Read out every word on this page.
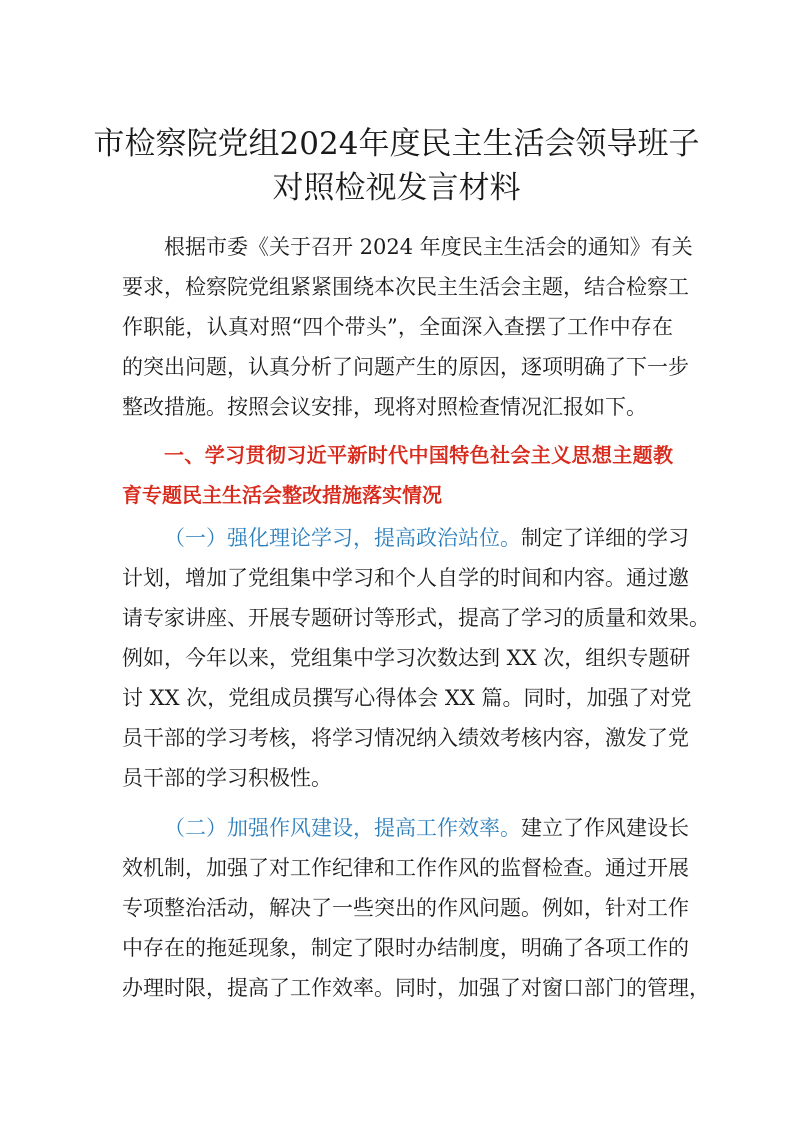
市检察院党组2024年度民主生活会领导班子
对照检视发言材料
根据市委《关于召开 2024 年度民主生活会的通知》有关
要求，检察院党组紧紧围绕本次民主生活会主题，结合检察工
作职能，认真对照“四个带头”，全面深入查摆了工作中存在
的突出问题，认真分析了问题产生的原因，逐项明确了下一步
整改措施。按照会议安排，现将对照检查情况汇报如下。
一、学习贯彻习近平新时代中国特色社会主义思想主题教
育专题民主生活会整改措施落实情况
（一）强化理论学习，提高政治站位。制定了详细的学习
计划，增加了党组集中学习和个人自学的时间和内容。通过邀
请专家讲座、开展专题研讨等形式，提高了学习的质量和效果。
例如，今年以来，党组集中学习次数达到 XX 次，组织专题研
讨 XX 次，党组成员撰写心得体会 XX 篇。同时，加强了对党
员干部的学习考核，将学习情况纳入绩效考核内容，激发了党
员干部的学习积极性。
（二）加强作风建设，提高工作效率。建立了作风建设长
效机制，加强了对工作纪律和工作作风的监督检查。通过开展
专项整治活动，解决了一些突出的作风问题。例如，针对工作
中存在的拖延现象，制定了限时办结制度，明确了各项工作的
办理时限，提高了工作效率。同时，加强了对窗口部门的管理，
